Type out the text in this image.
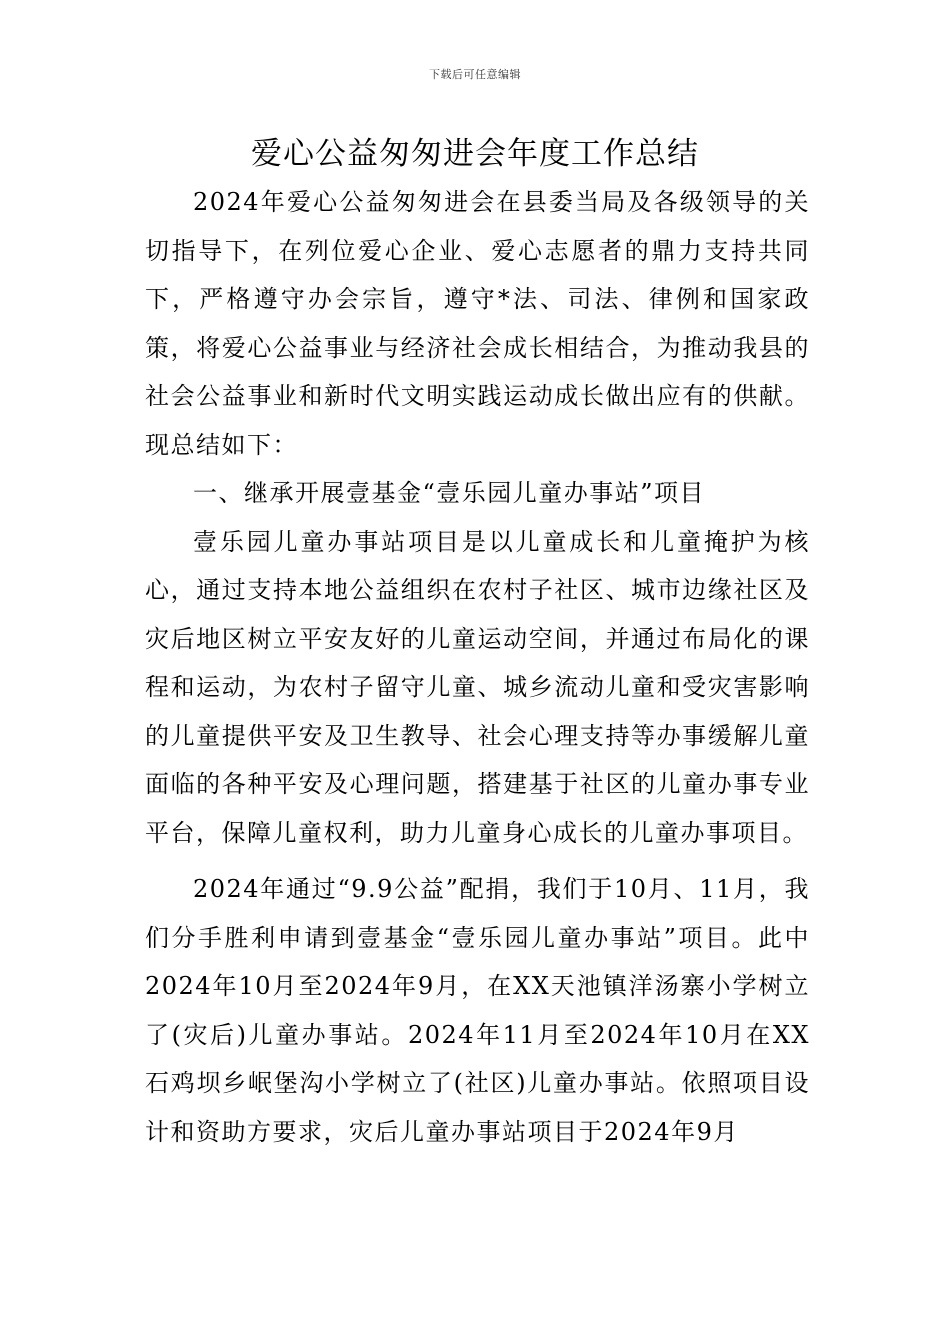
下载后可任意编辑
爱心公益匆匆进会年度工作总结

2024年爱心公益匆匆进会在县委当局及各级领导的关切指导下，在列位爱心企业、爱心志愿者的鼎力支持共同下，严格遵守办会宗旨，遵守*法、司法、律例和国家政策，将爱心公益事业与经济社会成长相结合，为推动我县的社会公益事业和新时代文明实践运动成长做出应有的供献。现总结如下：

一、继承开展壹基金“壹乐园儿童办事站”项目

壹乐园儿童办事站项目是以儿童成长和儿童掩护为核心，通过支持本地公益组织在农村子社区、城市边缘社区及灾后地区树立平安友好的儿童运动空间，并通过布局化的课程和运动，为农村子留守儿童、城乡流动儿童和受灾害影响的儿童提供平安及卫生教导、社会心理支持等办事缓解儿童面临的各种平安及心理问题，搭建基于社区的儿童办事专业平台，保障儿童权利，助力儿童身心成长的儿童办事项目。

2024年通过“9.9公益”配捐，我们于10月、11月，我们分手胜利申请到壹基金“壹乐园儿童办事站”项目。此中2024年10月至2024年9月，在XX天池镇洋汤寨小学树立了(灾后)儿童办事站。2024年11月至2024年10月在XX石鸡坝乡岷堡沟小学树立了(社区)儿童办事站。依照项目设计和资助方要求，灾后儿童办事站项目于2024年9月
